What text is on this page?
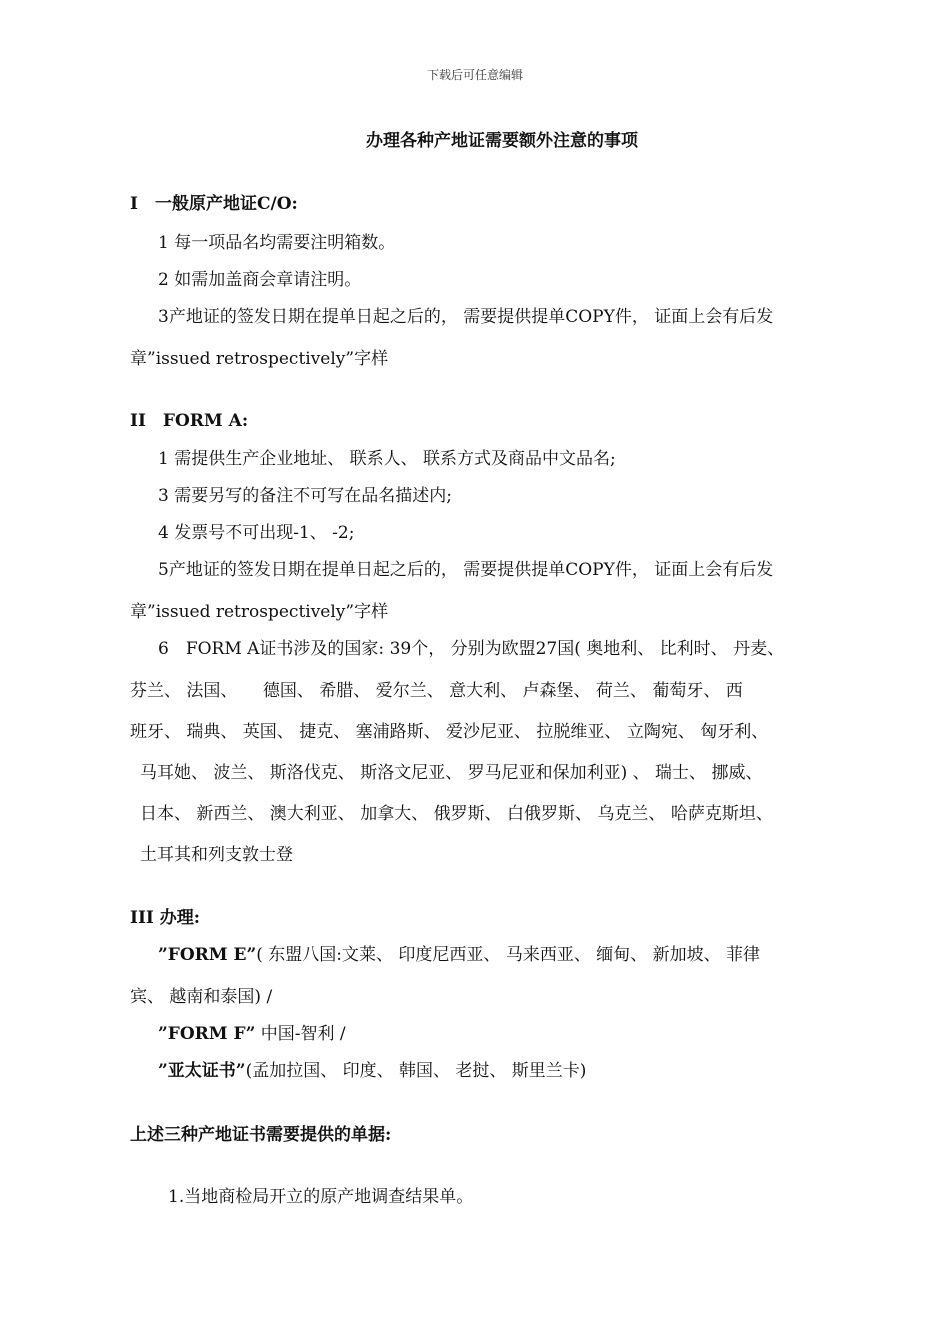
下载后可任意编辑
办理各种产地证需要额外注意的事项
I　一般原产地证C/O:
1 每一项品名均需要注明箱数。
2 如需加盖商会章请注明。
3产地证的签发日期在提单日起之后的， 需要提供提单COPY件， 证面上会有后发
章”issued retrospectively”字样
II　FORM A:
1 需提供生产企业地址、 联系人、 联系方式及商品中文品名;
3 需要另写的备注不可写在品名描述内;
4 发票号不可出现-1、 -2;
5产地证的签发日期在提单日起之后的， 需要提供提单COPY件， 证面上会有后发
章”issued retrospectively”字样
6　FORM A证书涉及的国家: 39个， 分别为欧盟27国( 奥地利、 比利时、 丹麦、
芬兰、 法国、　　德国、 希腊、 爱尔兰、 意大利、 卢森堡、 荷兰、 葡萄牙、 西
班牙、 瑞典、 英国、 捷克、 塞浦路斯、 爱沙尼亚、 拉脱维亚、 立陶宛、 匈牙利、
马耳她、 波兰、 斯洛伐克、 斯洛文尼亚、 罗马尼亚和保加利亚) 、 瑞士、 挪威、
日本、 新西兰、 澳大利亚、 加拿大、 俄罗斯、 白俄罗斯、 乌克兰、 哈萨克斯坦、
土耳其和列支敦士登
III 办理:
”FORM E”( 东盟八国:文莱、 印度尼西亚、 马来西亚、 缅甸、 新加坡、 菲律
宾、 越南和泰国) /
”FORM F” 中国-智利 /
”亚太证书”(孟加拉国、 印度、 韩国、 老挝、 斯里兰卡)
上述三种产地证书需要提供的单据:
1.当地商检局开立的原产地调查结果单。
